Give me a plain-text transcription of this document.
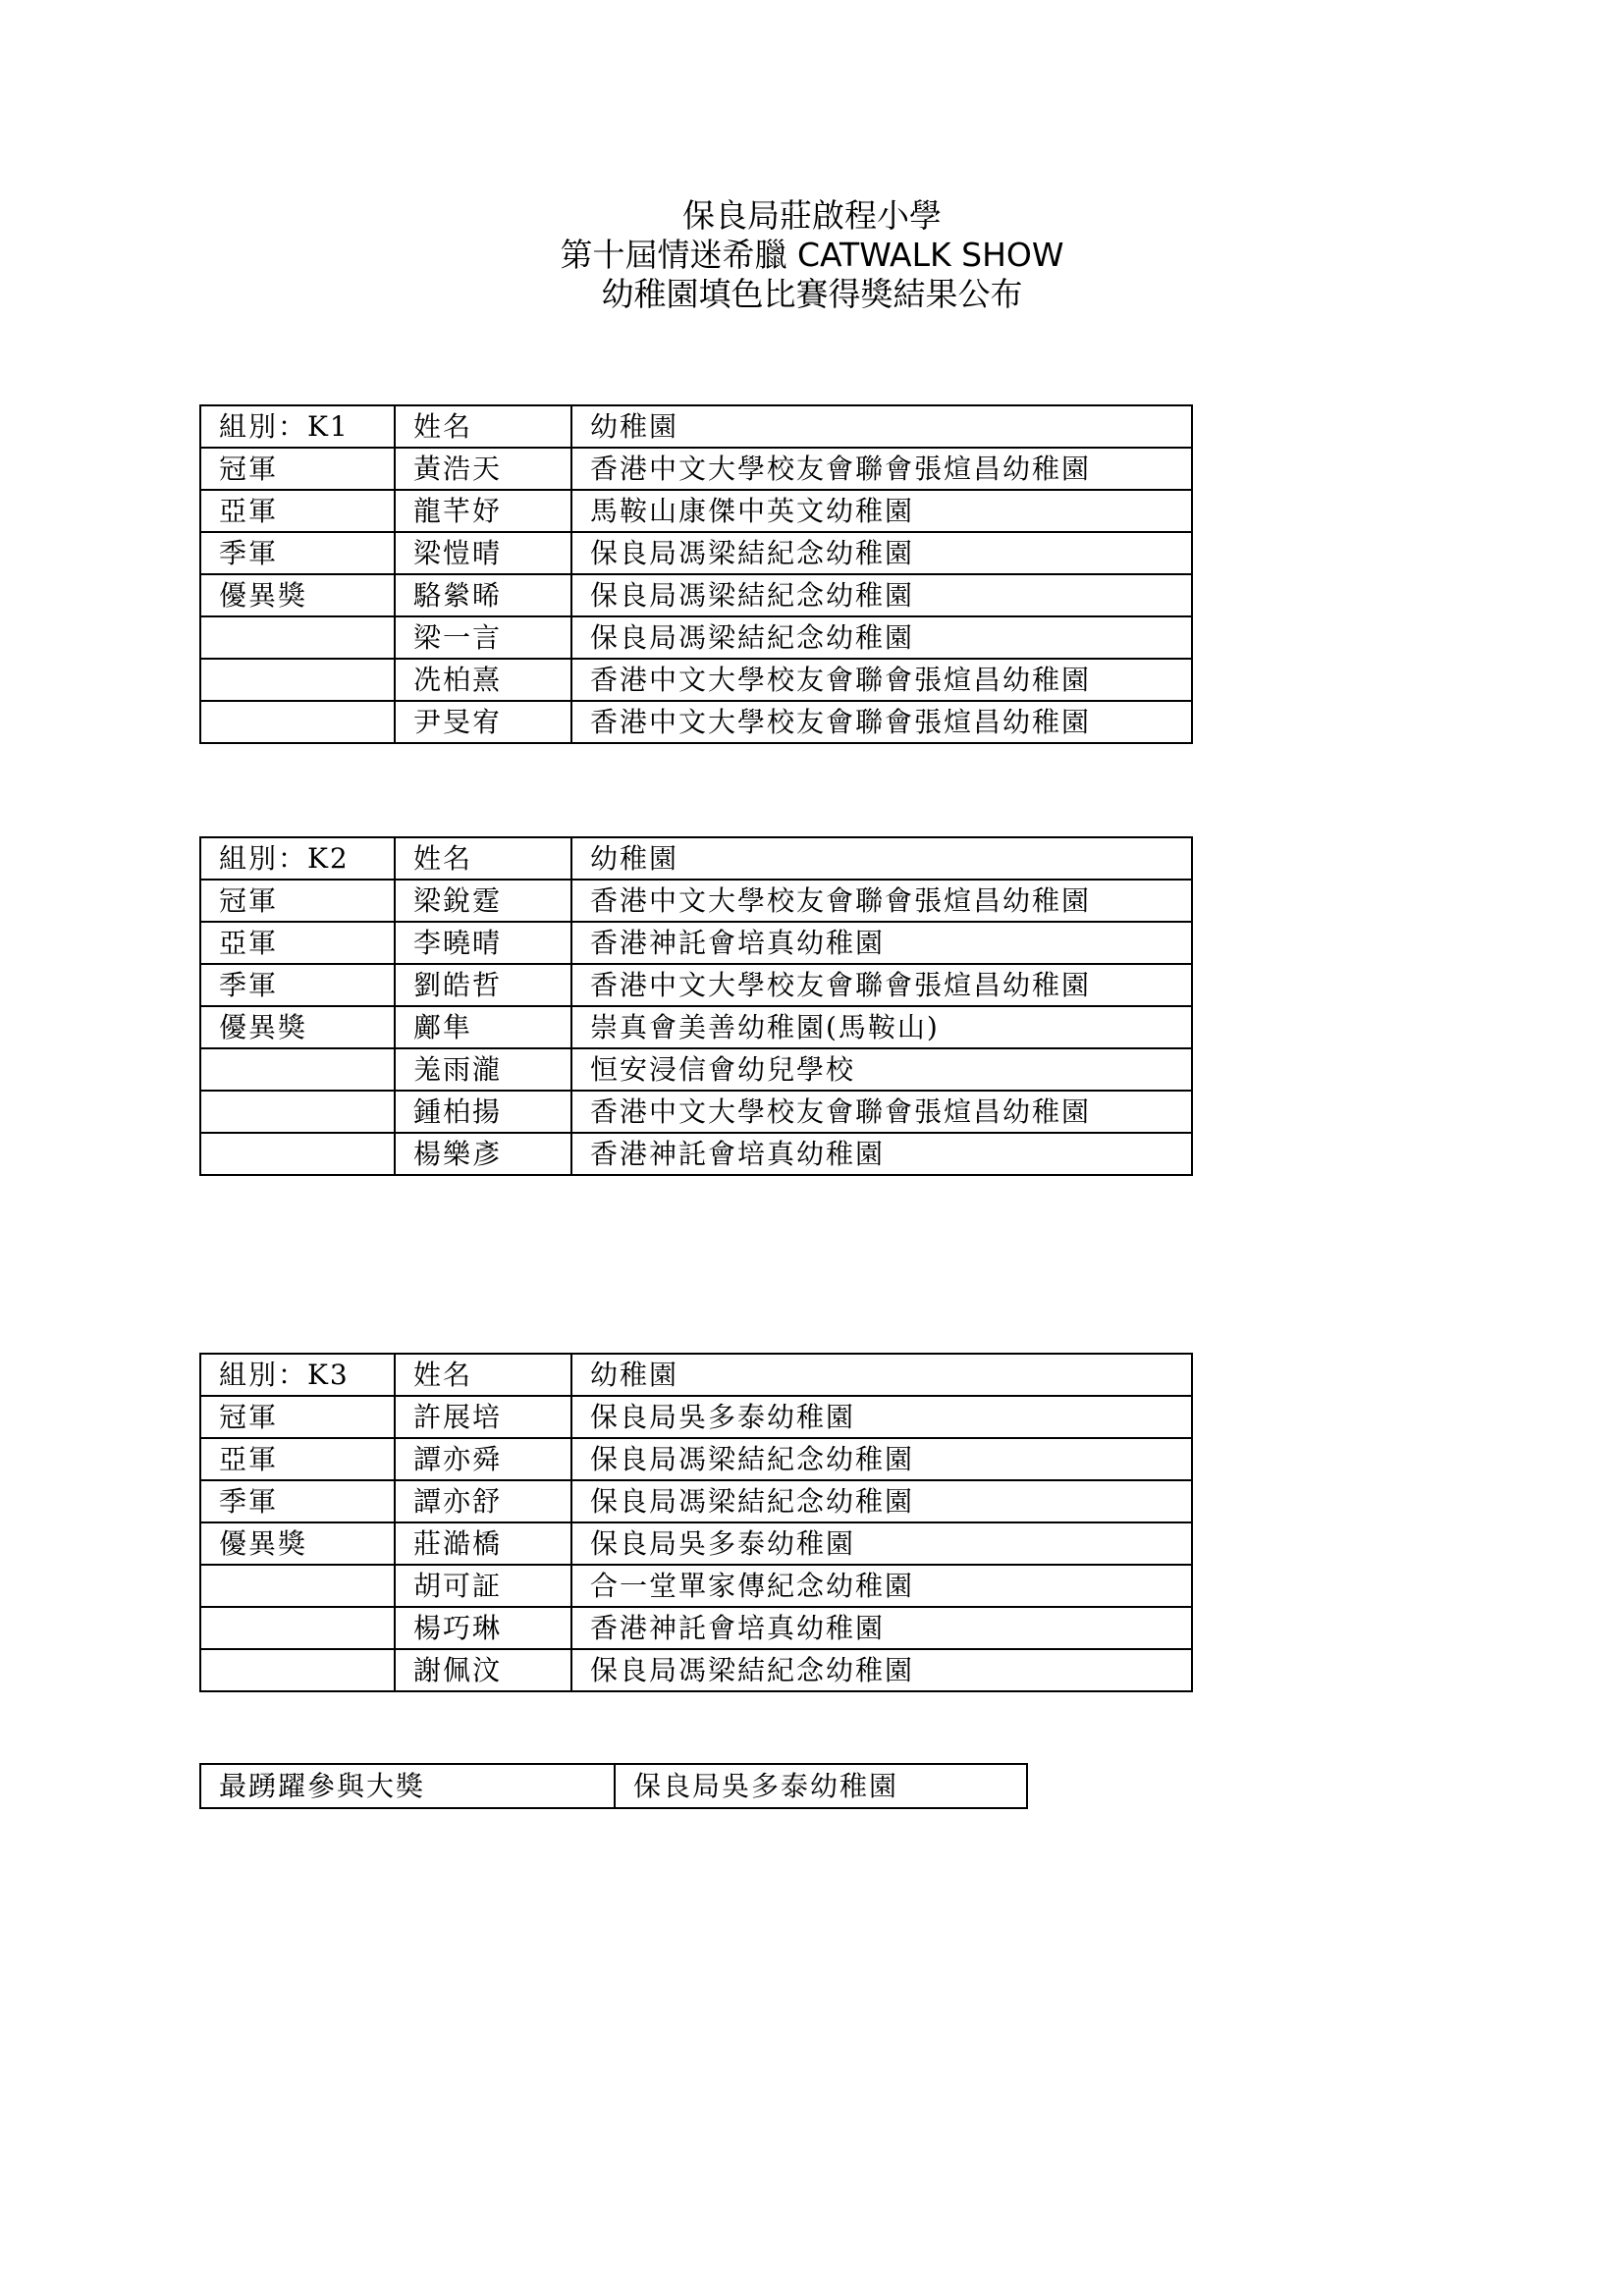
保良局莊啟程小學
第十屆情迷希臘 CATWALK SHOW
幼稚園填色比賽得獎結果公布
組別：K1	姓名	幼稚園
冠軍	黃浩天	香港中文大學校友會聯會張煊昌幼稚園
亞軍	龍芊妤	馬鞍山康傑中英文幼稚園
季軍	梁愷晴	保良局馮梁結紀念幼稚園
優異獎	駱縈晞	保良局馮梁結紀念幼稚園
	梁一言	保良局馮梁結紀念幼稚園
	冼柏熹	香港中文大學校友會聯會張煊昌幼稚園
	尹旻宥	香港中文大學校友會聯會張煊昌幼稚園
組別：K2	姓名	幼稚園
冠軍	梁銳霆	香港中文大學校友會聯會張煊昌幼稚園
亞軍	李曉晴	香港神託會培真幼稚園
季軍	劉皓哲	香港中文大學校友會聯會張煊昌幼稚園
優異獎	鄺隼	崇真會美善幼稚園(馬鞍山)
	羗雨瀧	恒安浸信會幼兒學校
	鍾柏揚	香港中文大學校友會聯會張煊昌幼稚園
	楊樂彥	香港神託會培真幼稚園
組別：K3	姓名	幼稚園
冠軍	許展培	保良局吳多泰幼稚園
亞軍	譚亦舜	保良局馮梁結紀念幼稚園
季軍	譚亦舒	保良局馮梁結紀念幼稚園
優異獎	莊澔橋	保良局吳多泰幼稚園
	胡可証	合一堂單家傳紀念幼稚園
	楊巧琳	香港神託會培真幼稚園
	謝佩汶	保良局馮梁結紀念幼稚園
最踴躍參與大獎	保良局吳多泰幼稚園
